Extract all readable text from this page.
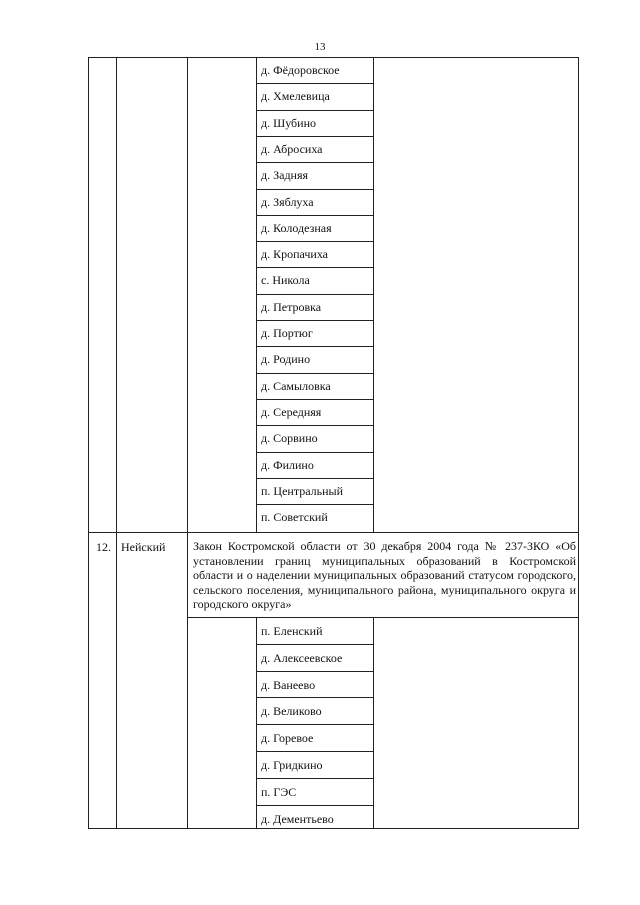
13
д. Фёдоровское
д. Хмелевица
д. Шубино
д. Абросиха
д. Задняя
д. Зяблуха
д. Колодезная
д. Кропачиха
с. Никола
д. Петровка
д. Портюг
д. Родино
д. Самыловка
д. Середняя
д. Сорвино
д. Филино
п. Центральный
п. Советский
п. Еленский
д. Алексеевское
д. Ванеево
д. Великово
д. Горевое
д. Гридкино
п. ГЭС
д. Дементьево
12. Нейский Закон Костромской области от 30 декабря 2004 года № 237-ЗКО «Об установлении границ муниципальных образований в Костромской области и о наделении муниципальных образований статусом городского, сельского поселения, муниципального района, муниципального округа и городского округа»
